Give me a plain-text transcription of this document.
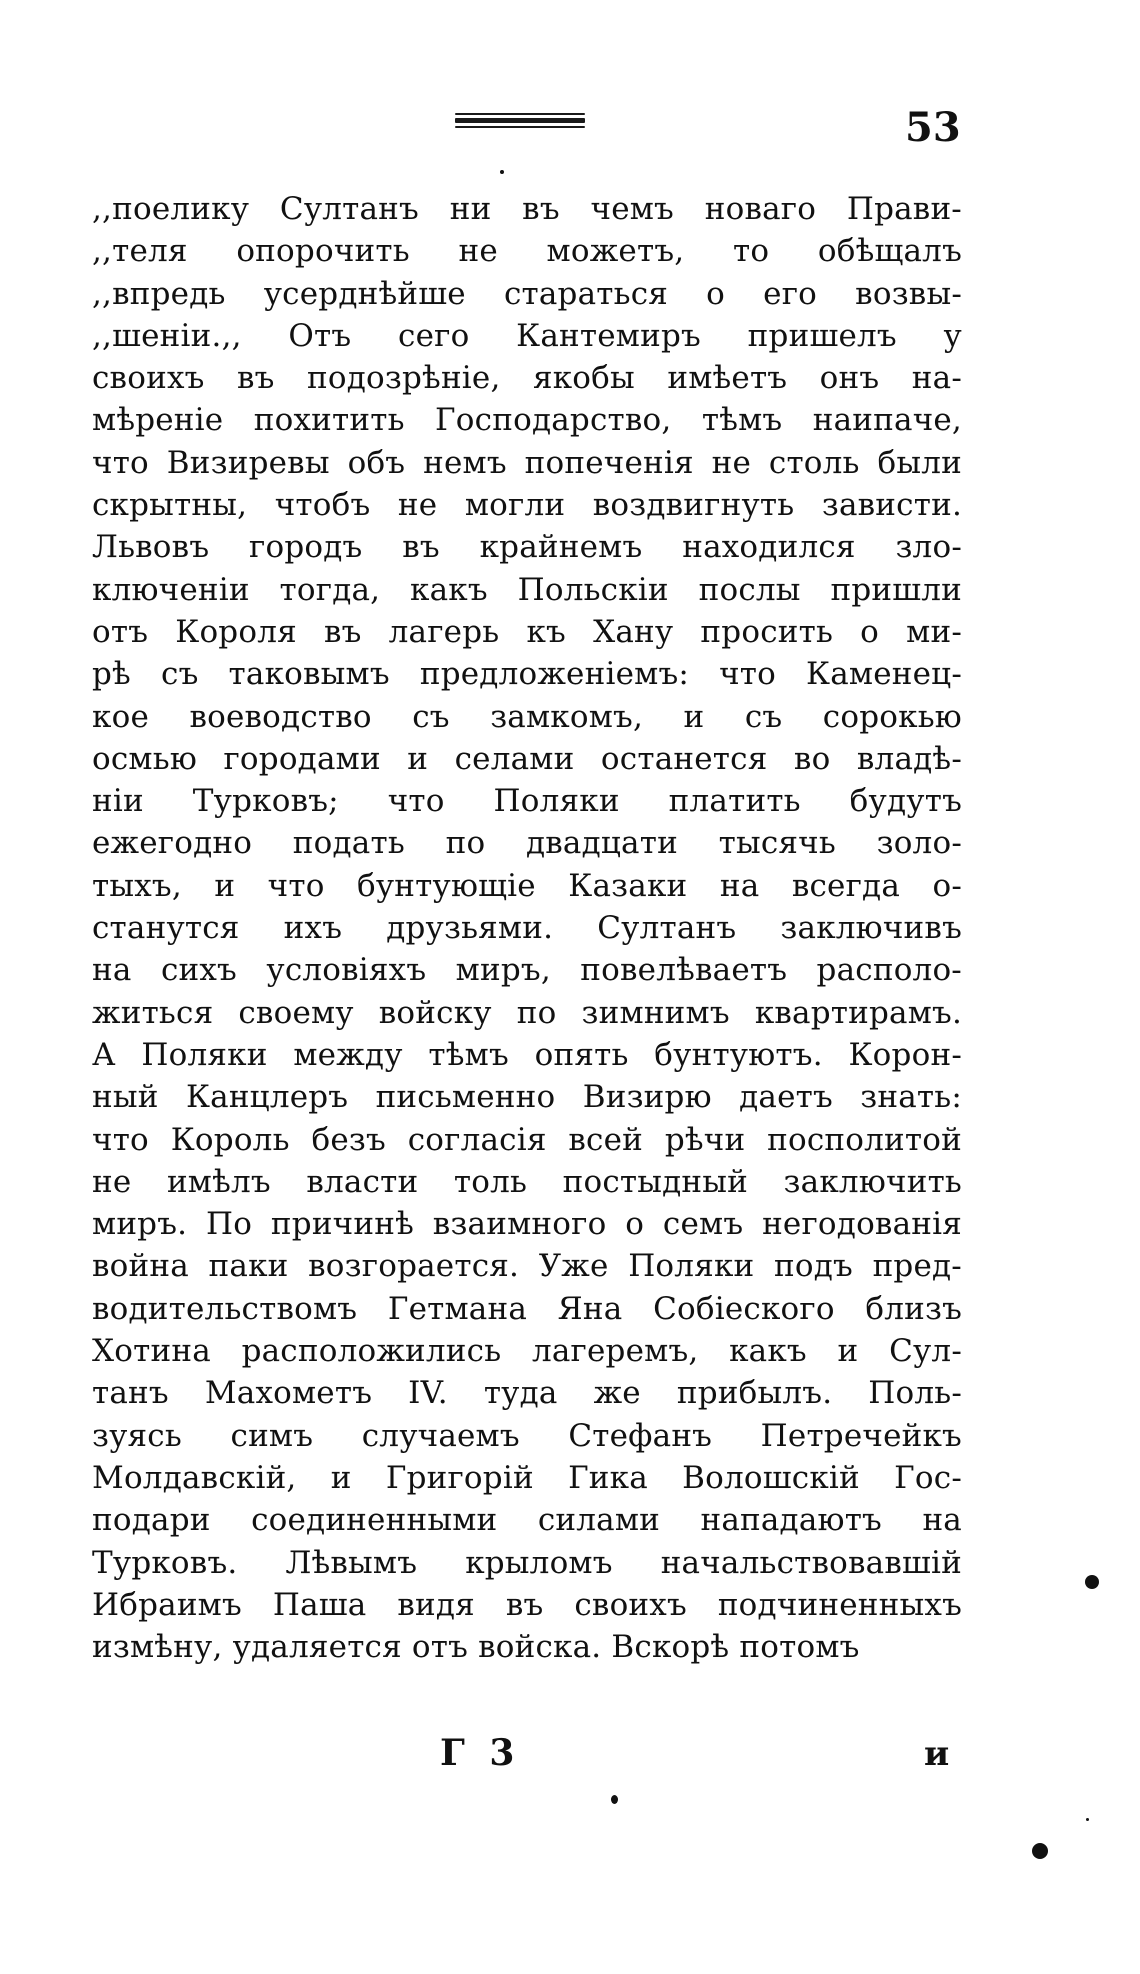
53
,,поелику Султанъ ни въ чемъ новаго Прави-
,,теля опорочить не можетъ, то обѣщалъ
,,впредь усерднѣйше стараться о его возвы-
,,шеніи.,, Отъ сего Кантемиръ пришелъ у
своихъ въ подозрѣніе, якобы имѣетъ онъ на-
мѣреніе похитить Господарство, тѣмъ наипаче,
что Визиревы объ немъ попеченія не столь были
скрытны, чтобъ не могли воздвигнуть зависти.
Львовъ городъ въ крайнемъ находился зло-
ключеніи тогда, какъ Польскіи послы пришли
отъ Короля въ лагерь къ Хану просить о ми-
рѣ съ таковымъ предложеніемъ: что Каменец-
кое воеводство съ замкомъ, и съ сорокью
осмью городами и селами останется во владѣ-
ніи Турковъ; что Поляки платить будутъ
ежегодно подать по двадцати тысячь золо-
тыхъ, и что бунтующіе Казаки на всегда о-
станутся ихъ друзьями. Султанъ заключивъ
на сихъ условіяхъ миръ, повелѣваетъ располо-
житься своему войску по зимнимъ квартирамъ.
А Поляки между тѣмъ опять бунтуютъ. Корон-
ный Канцлеръ письменно Визирю даетъ знать:
что Король безъ согласія всей рѣчи посполитой
не имѣлъ власти толь постыдный заключить
миръ. По причинѣ взаимного о семъ негодованія
война паки возгорается. Уже Поляки подъ пред-
водительствомъ Гетмана Яна Собіеского близъ
Хотина расположились лагеремъ, какъ и Сул-
танъ Махометъ IV. туда же прибылъ. Поль-
зуясь симъ случаемъ Стефанъ Петречейкъ
Молдавскій, и Григорій Гика Волошскій Гос-
подари соединенными силами нападаютъ на
Турковъ. Лѣвымъ крыломъ начальствовавшій
Ибраимъ Паша видя въ своихъ подчиненныхъ
измѣну, удаляется отъ войска. Вскорѣ потомъ
Г 3	и
